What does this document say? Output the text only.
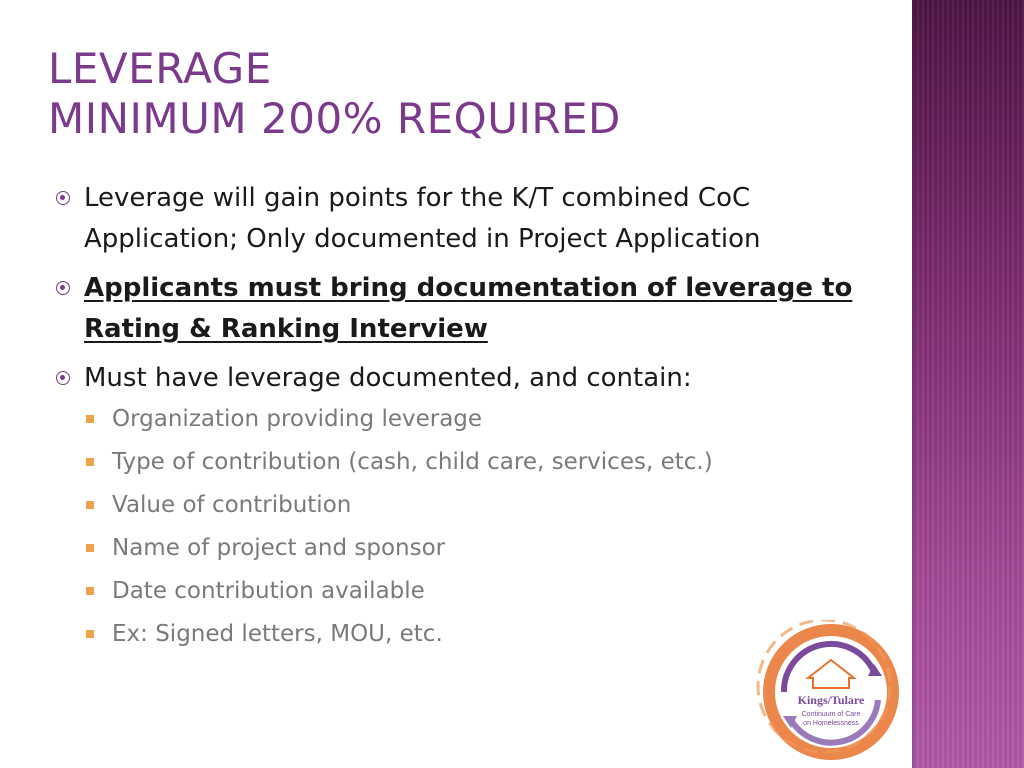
LEVERAGE
MINIMUM 200% REQUIRED
Leverage will gain points for the K/T combined CoC Application; Only documented in Project Application
Applicants must bring documentation of leverage to Rating & Ranking Interview
Must have leverage documented, and contain:
Organization providing leverage
Type of contribution (cash, child care, services, etc.)
Value of contribution
Name of project and sponsor
Date contribution available
Ex: Signed letters, MOU, etc.
Kings/Tulare
Continuum of Care
on Homelessness
